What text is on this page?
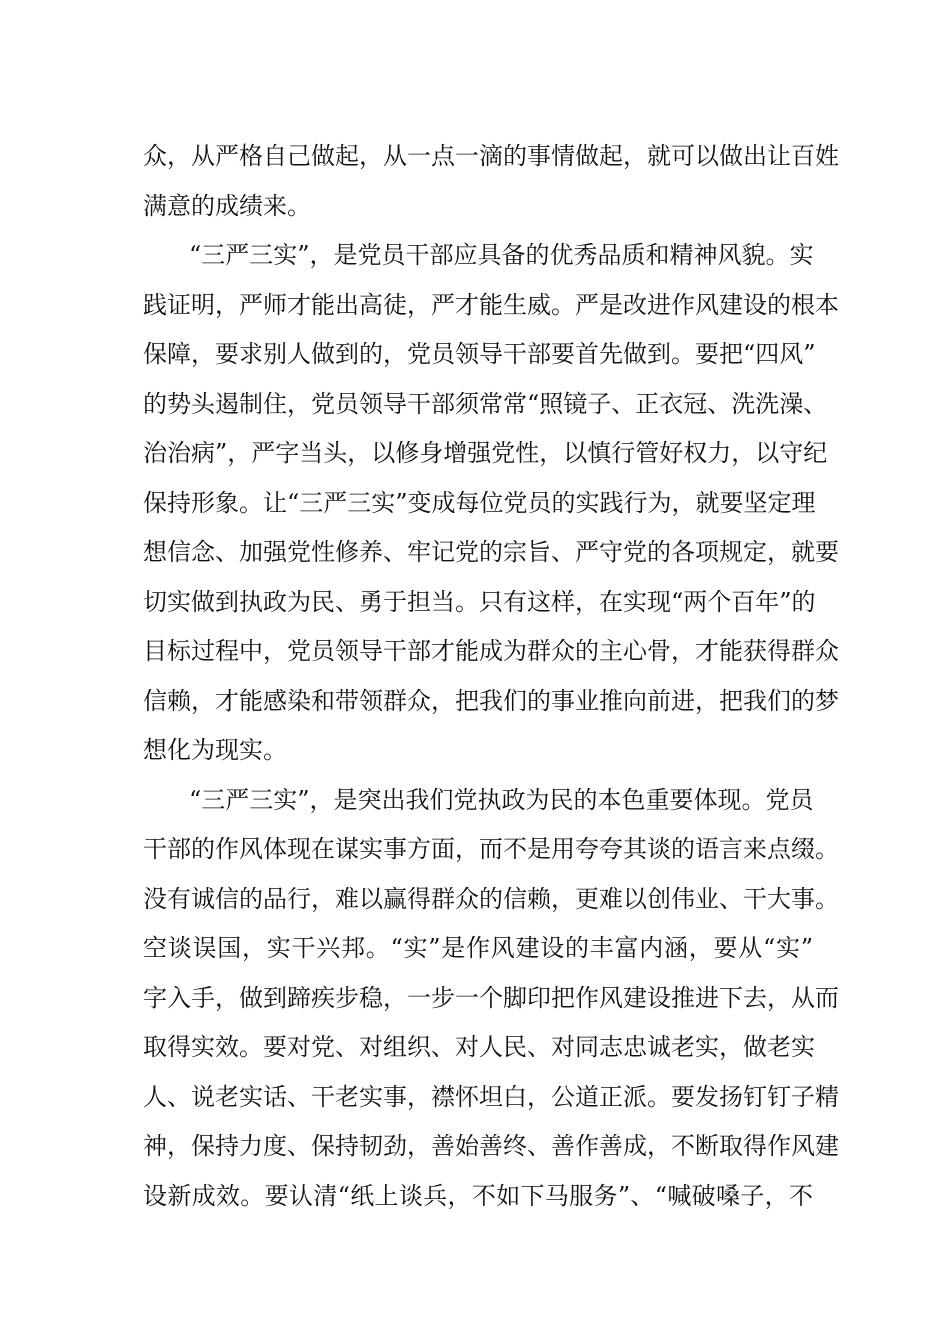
众，从严格自己做起，从一点一滴的事情做起，就可以做出让百姓
满意的成绩来。
“三严三实”，是党员干部应具备的优秀品质和精神风貌。实
践证明，严师才能出高徒，严才能生威。严是改进作风建设的根本
保障，要求别人做到的，党员领导干部要首先做到。要把“四风”
的势头遏制住，党员领导干部须常常“照镜子、正衣冠、洗洗澡、
治治病”，严字当头，以修身增强党性，以慎行管好权力，以守纪
保持形象。让“三严三实”变成每位党员的实践行为，就要坚定理
想信念、加强党性修养、牢记党的宗旨、严守党的各项规定，就要
切实做到执政为民、勇于担当。只有这样，在实现“两个百年”的
目标过程中，党员领导干部才能成为群众的主心骨，才能获得群众
信赖，才能感染和带领群众，把我们的事业推向前进，把我们的梦
想化为现实。
“三严三实”，是突出我们党执政为民的本色重要体现。党员
干部的作风体现在谋实事方面，而不是用夸夸其谈的语言来点缀。
没有诚信的品行，难以赢得群众的信赖，更难以创伟业、干大事。
空谈误国，实干兴邦。“实”是作风建设的丰富内涵，要从“实”
字入手，做到蹄疾步稳，一步一个脚印把作风建设推进下去，从而
取得实效。要对党、对组织、对人民、对同志忠诚老实，做老实
人、说老实话、干老实事，襟怀坦白，公道正派。要发扬钉钉子精
神，保持力度、保持韧劲，善始善终、善作善成，不断取得作风建
设新成效。要认清“纸上谈兵，不如下马服务”、“喊破嗓子，不
